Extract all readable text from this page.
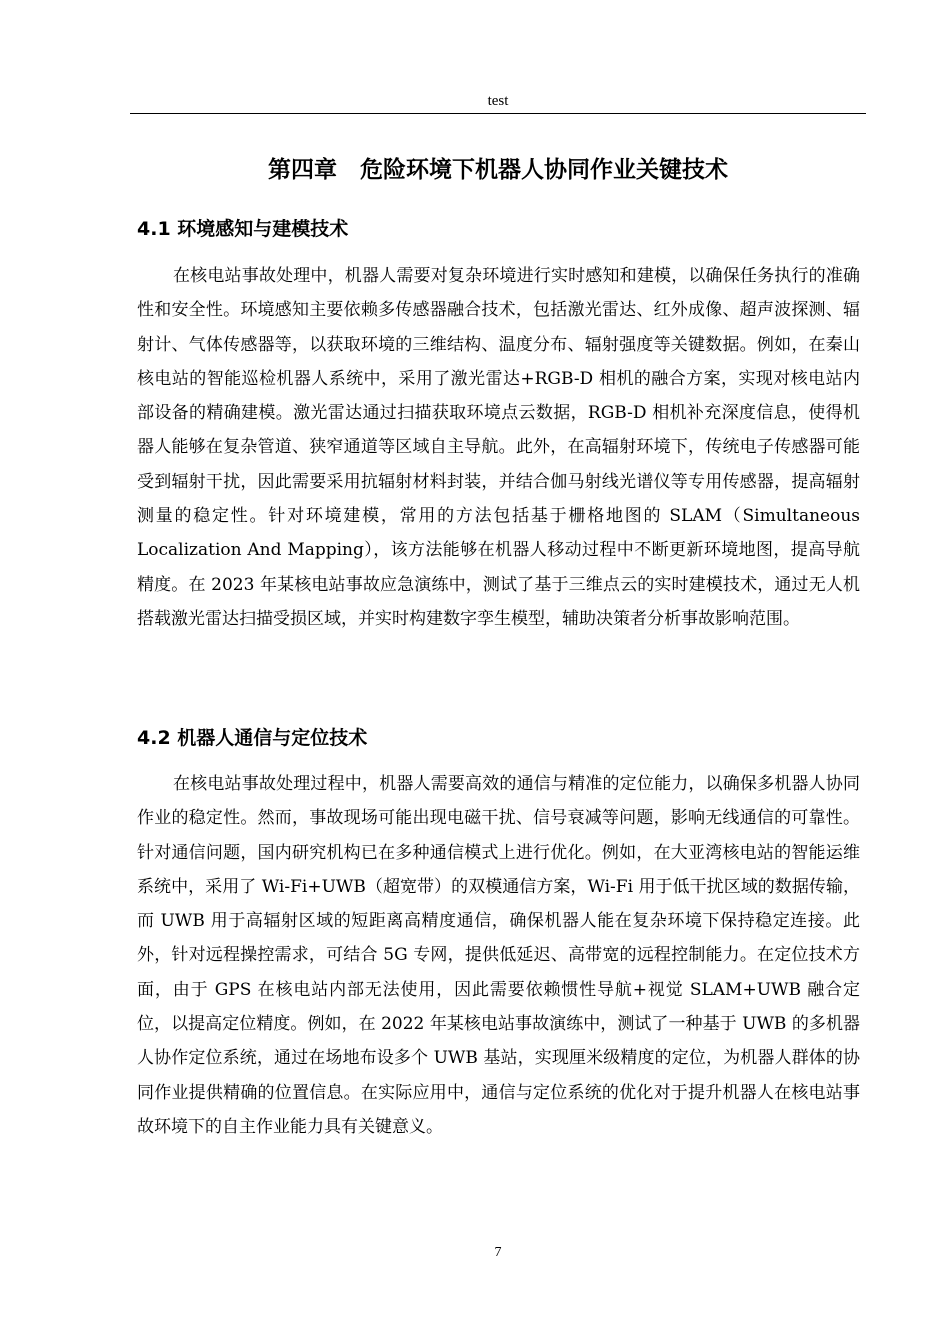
test
第四章　危险环境下机器人协同作业关键技术
4.1 环境感知与建模技术

在核电站事故处理中，机器人需要对复杂环境进行实时感知和建模，以确保任务执行的准确性和安全性。环境感知主要依赖多传感器融合技术，包括激光雷达、红外成像、超声波探测、辐射计、气体传感器等，以获取环境的三维结构、温度分布、辐射强度等关键数据。例如，在秦山核电站的智能巡检机器人系统中，采用了激光雷达+RGB-D 相机的融合方案，实现对核电站内部设备的精确建模。激光雷达通过扫描获取环境点云数据，RGB-D 相机补充深度信息，使得机器人能够在复杂管道、狭窄通道等区域自主导航。此外，在高辐射环境下，传统电子传感器可能受到辐射干扰，因此需要采用抗辐射材料封装，并结合伽马射线光谱仪等专用传感器，提高辐射测量的稳定性。针对环境建模，常用的方法包括基于栅格地图的 SLAM（Simultaneous Localization And Mapping），该方法能够在机器人移动过程中不断更新环境地图，提高导航精度。在 2023 年某核电站事故应急演练中，测试了基于三维点云的实时建模技术，通过无人机搭载激光雷达扫描受损区域，并实时构建数字孪生模型，辅助决策者分析事故影响范围。

4.2 机器人通信与定位技术

在核电站事故处理过程中，机器人需要高效的通信与精准的定位能力，以确保多机器人协同作业的稳定性。然而，事故现场可能出现电磁干扰、信号衰减等问题，影响无线通信的可靠性。针对通信问题，国内研究机构已在多种通信模式上进行优化。例如，在大亚湾核电站的智能运维系统中，采用了 Wi-Fi+UWB（超宽带）的双模通信方案，Wi-Fi 用于低干扰区域的数据传输，而 UWB 用于高辐射区域的短距离高精度通信，确保机器人能在复杂环境下保持稳定连接。此外，针对远程操控需求，可结合 5G 专网，提供低延迟、高带宽的远程控制能力。在定位技术方面，由于 GPS 在核电站内部无法使用，因此需要依赖惯性导航+视觉 SLAM+UWB 融合定位，以提高定位精度。例如，在 2022 年某核电站事故演练中，测试了一种基于 UWB 的多机器人协作定位系统，通过在场地布设多个 UWB 基站，实现厘米级精度的定位，为机器人群体的协同作业提供精确的位置信息。在实际应用中，通信与定位系统的优化对于提升机器人在核电站事故环境下的自主作业能力具有关键意义。

7
